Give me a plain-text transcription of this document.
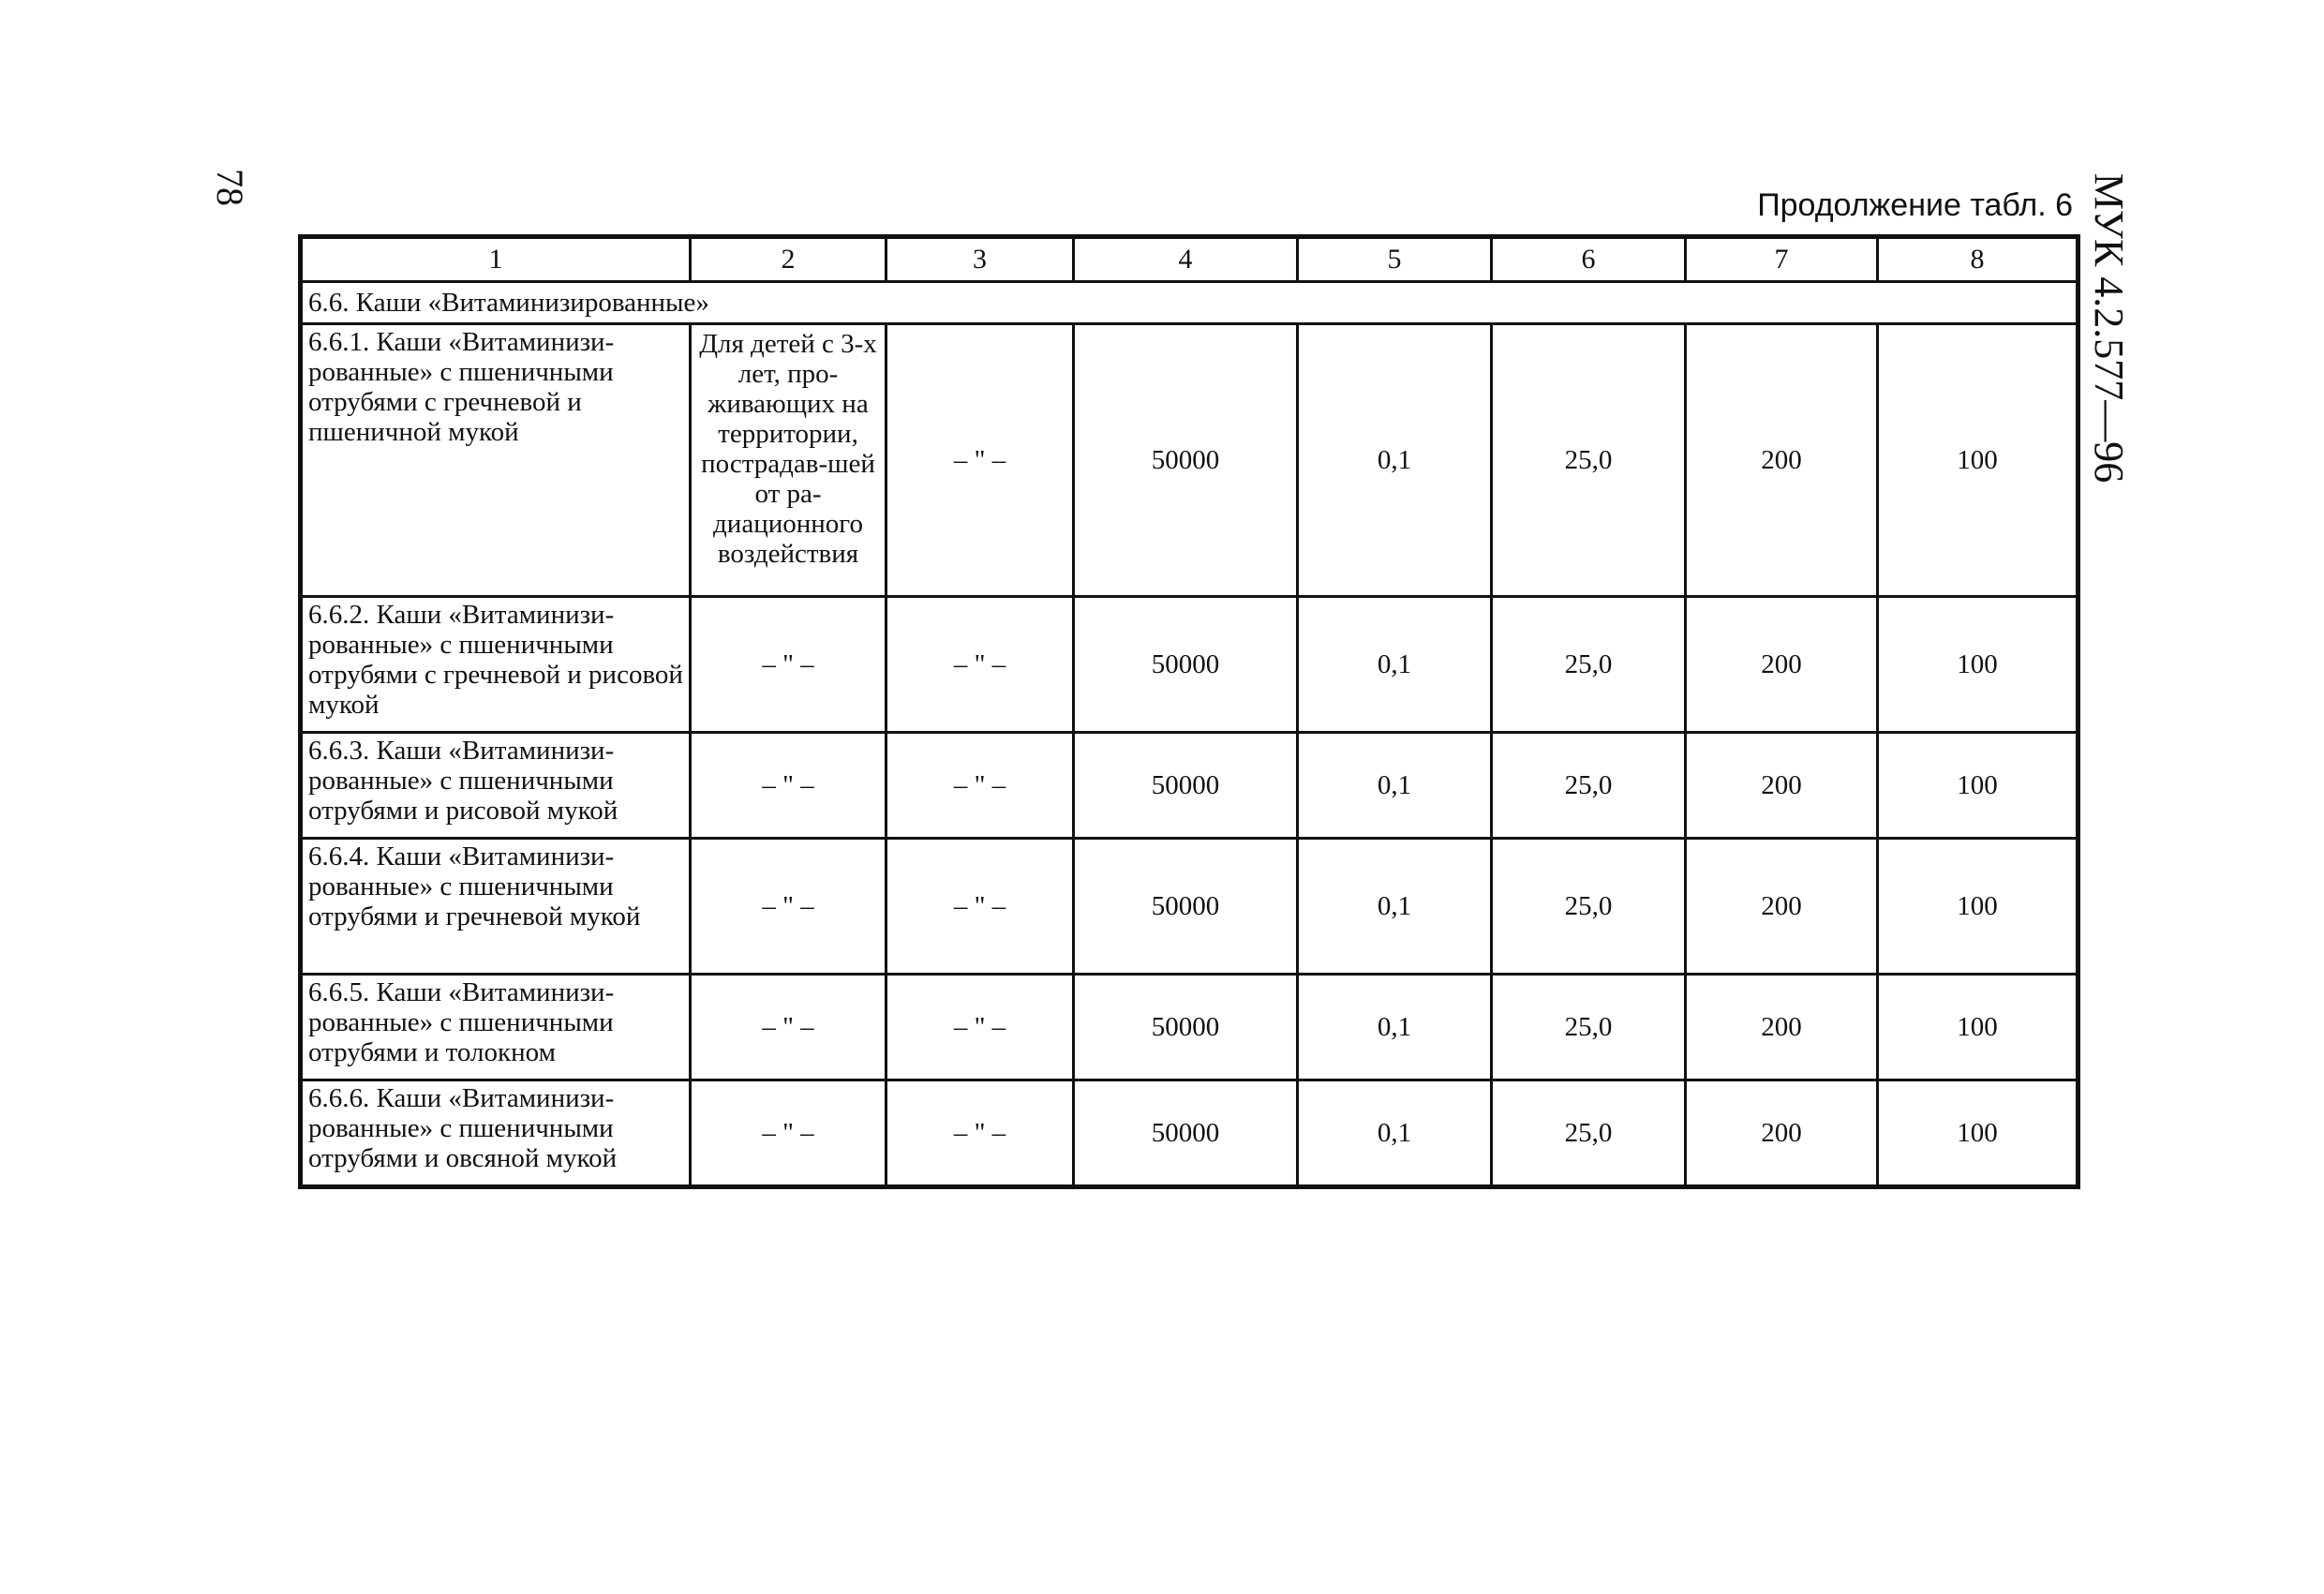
78	МУК 4.2.577—96
Продолжение табл. 6
1	2	3	4	5	6	7	8
6.6. Каши «Витаминизированные»							
6.6.1. Каши «Витаминизи-рованные» с пшеничными отрубями с гречневой и пшеничной мукой	Для детей с 3-х лет, про-живающих на территории, пострадав-шей от ра-диационного воздействия	– " –	50000	0,1	25,0	200	100
6.6.2. Каши «Витаминизи-рованные» с пшеничными отрубями с гречневой и рисовой мукой	– " –	– " –	50000	0,1	25,0	200	100
6.6.3. Каши «Витаминизи-рованные» с пшеничными отрубями и рисовой мукой	– " –	– " –	50000	0,1	25,0	200	100
6.6.4. Каши «Витаминизи-рованные» с пшеничными отрубями и гречневой мукой	– " –	– " –	50000	0,1	25,0	200	100
6.6.5. Каши «Витаминизи-рованные» с пшеничными отрубями и толокном	– " –	– " –	50000	0,1	25,0	200	100
6.6.6. Каши «Витаминизи-рованные» с пшеничными отрубями и овсяной мукой	– " –	– " –	50000	0,1	25,0	200	100
